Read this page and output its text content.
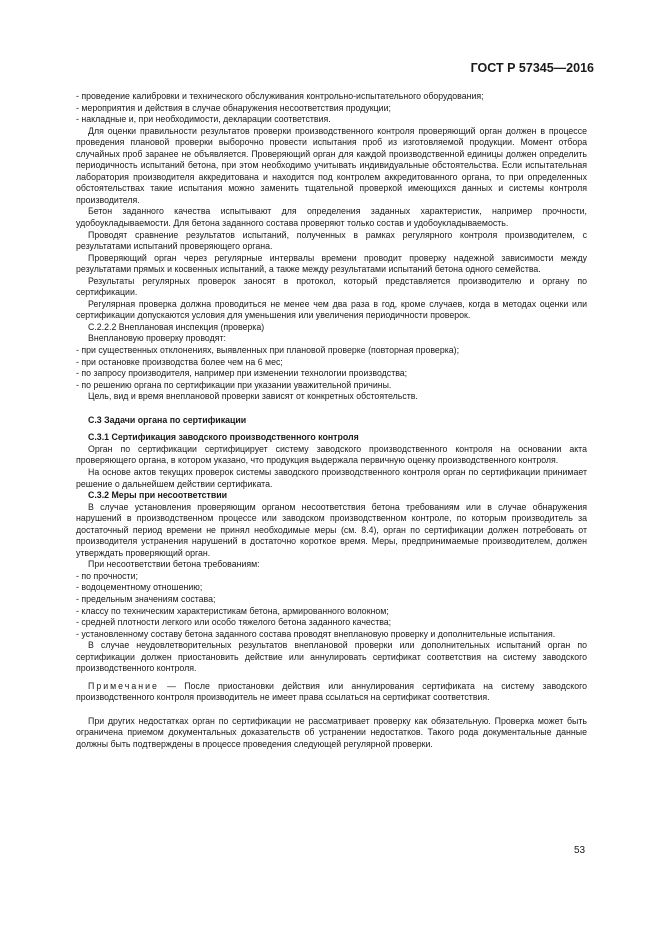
ГОСТ Р 57345—2016

- проведение калибровки и технического обслуживания контрольно-испытательного оборудования;

- мероприятия и действия в случае обнаружения несоответствия продукции;

- накладные и, при необходимости, декларации соответствия.

Для оценки правильности результатов проверки производственного контроля проверяющий орган должен в процессе проведения плановой проверки выборочно провести испытания проб из изготовляемой продукции. Момент отбора случайных проб заранее не объявляется. Проверяющий орган для каждой производственной единицы должен определить периодичность испытаний бетона, при этом необходимо учитывать индивидуальные обстоятельства. Если испытательная лаборатория производителя аккредитована и находится под контролем аккредитованного органа, то при определенных обстоятельствах такие испытания можно заменить тщательной проверкой имеющихся данных и системы контроля производителя.

Бетон заданного качества испытывают для определения заданных характеристик, например прочности, удобоукладываемости. Для бетона заданного состава проверяют только состав и удобоукладываемость.

Проводят сравнение результатов испытаний, полученных в рамках регулярного контроля производителем, с результатами испытаний проверяющего органа.

Проверяющий орган через регулярные интервалы времени проводит проверку надежной зависимости между результатами прямых и косвенных испытаний, а также между результатами испытаний бетона одного семейства.

Результаты регулярных проверок заносят в протокол, который представляется производителю и органу по сертификации.

Регулярная проверка должна проводиться не менее чем два раза в год, кроме случаев, когда в методах оценки или сертификации допускаются условия для уменьшения или увеличения периодичности проверок.

С.2.2.2 Внеплановая инспекция (проверка)

Внеплановую проверку проводят:

- при существенных отклонениях, выявленных при плановой проверке (повторная проверка);

- при остановке производства более чем на 6 мес;

- по запросу производителя, например при изменении технологии производства;

- по решению органа по сертификации при указании уважительной причины.

Цель, вид и время внеплановой проверки зависят от конкретных обстоятельств.

С.3 Задачи органа по сертификации

С.3.1 Сертификация заводского производственного контроля

Орган по сертификации сертифицирует систему заводского производственного контроля на основании акта проверяющего органа, в котором указано, что продукция выдержала первичную оценку производственного контроля.

На основе актов текущих проверок системы заводского производственного контроля орган по сертификации принимает решение о дальнейшем действии сертификата.

С.3.2 Меры при несоответствии

В случае установления проверяющим органом несоответствия бетона требованиям или в случае обнаружения нарушений в производственном процессе или заводском производственном контроле, по которым производитель за достаточный период времени не принял необходимые меры (см. 8.4), орган по сертификации должен потребовать от производителя устранения нарушений в достаточно короткое время. Меры, предпринимаемые производителем, должен утверждать проверяющий орган.

При несоответствии бетона требованиям:

- по прочности;

- водоцементному отношению;

- предельным значениям состава;

- классу по техническим характеристикам бетона, армированного волокном;

- средней плотности легкого или особо тяжелого бетона заданного качества;

- установленному составу бетона заданного состава проводят внеплановую проверку и дополнительные испытания.

В случае неудовлетворительных результатов внеплановой проверки или дополнительных испытаний орган по сертификации должен приостановить действие или аннулировать сертификат соответствия на систему заводского производственного контроля.

Примечание — После приостановки действия или аннулирования сертификата на систему заводского производственного контроля производитель не имеет права ссылаться на сертификат соответствия.

При других недостатках орган по сертификации не рассматривает проверку как обязательную. Проверка может быть ограничена приемом документальных доказательств об устранении недостатков. Такого рода документальные данные должны быть подтверждены в процессе проведения следующей регулярной проверки.

53
